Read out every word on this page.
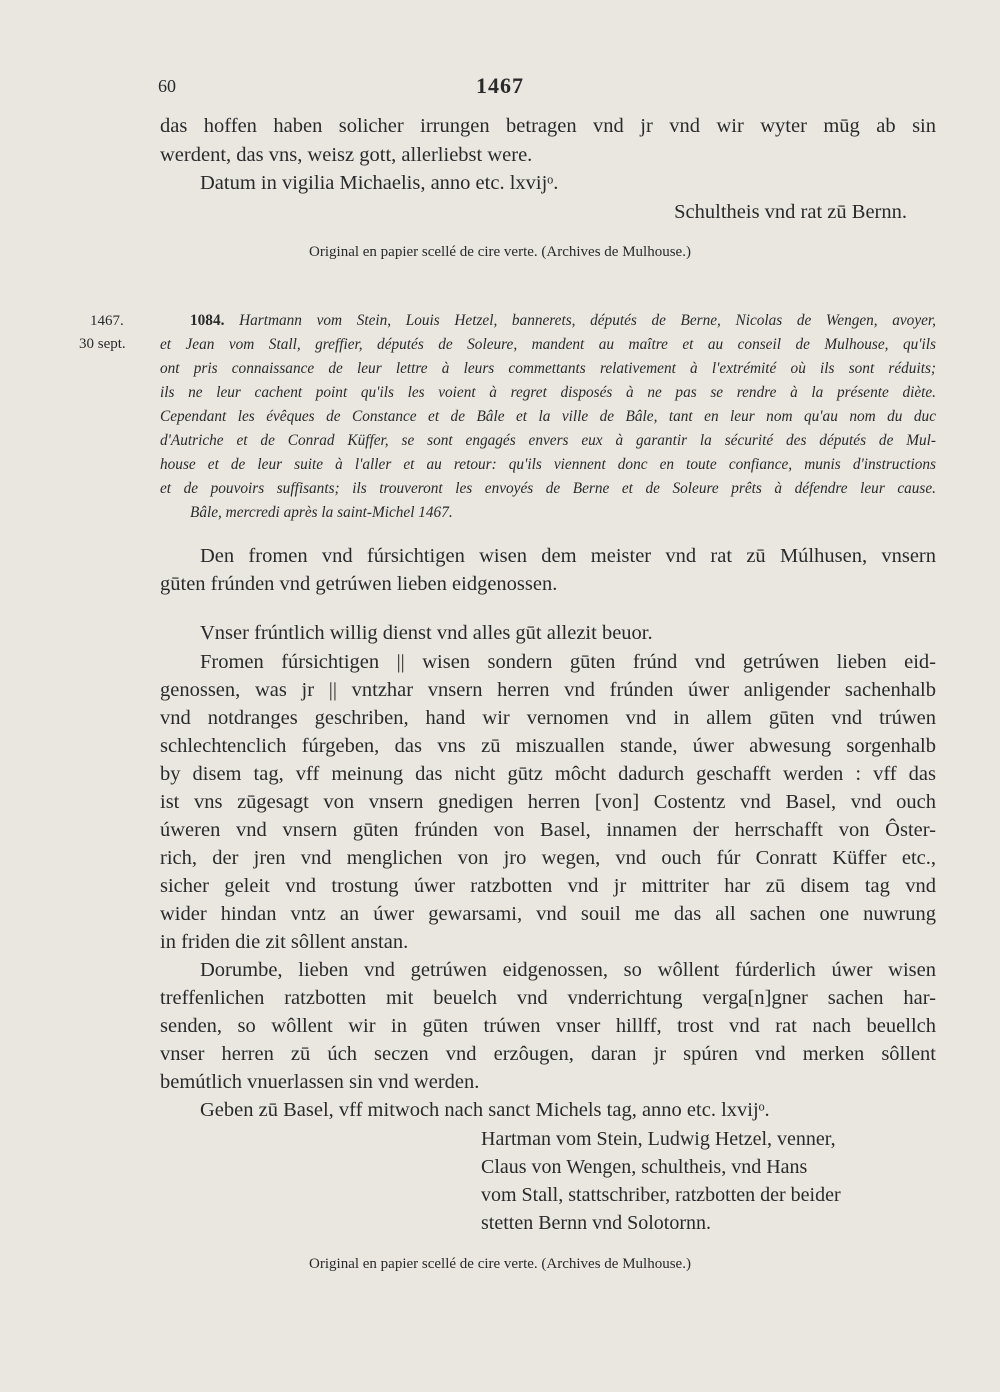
60	1467
das hoffen haben solicher irrungen betragen vnd jr vnd wir wyter mūg ab sin
werdent, das vns, weisz gott, allerliebst were.
Datum in vigilia Michaelis, anno etc. lxvijᵒ.
Schultheis vnd rat zū Bernn.
Original en papier scellé de cire verte. (Archives de Mulhouse.)
1467.
30 sept.
1084. Hartmann vom Stein, Louis Hetzel, bannerets, députés de Berne, Nicolas de Wengen, avoyer,
et Jean vom Stall, greffier, députés de Soleure, mandent au maître et au conseil de Mulhouse, qu'ils
ont pris connaissance de leur lettre à leurs commettants relativement à l'extrémité où ils sont réduits;
ils ne leur cachent point qu'ils les voient à regret disposés à ne pas se rendre à la présente diète.
Cependant les évêques de Constance et de Bâle et la ville de Bâle, tant en leur nom qu'au nom du duc
d'Autriche et de Conrad Küffer, se sont engagés envers eux à garantir la sécurité des députés de Mul-
house et de leur suite à l'aller et au retour: qu'ils viennent donc en toute confiance, munis d'instructions
et de pouvoirs suffisants; ils trouveront les envoyés de Berne et de Soleure prêts à défendre leur cause.
Bâle, mercredi après la saint-Michel 1467.
Den fromen vnd fúrsichtigen wisen dem meister vnd rat zū Múlhusen, vnsern
gūten frúnden vnd getrúwen lieben eidgenossen.
Vnser frúntlich willig dienst vnd alles gūt allezit beuor.
Fromen fúrsichtigen || wisen sondern gūten frúnd vnd getrúwen lieben eid-
genossen, was jr || vntzhar vnsern herren vnd frúnden úwer anligender sachenhalb
vnd notdranges geschriben, hand wir vernomen vnd in allem gūten vnd trúwen
schlechtenclich fúrgeben, das vns zū miszuallen stande, úwer abwesung sorgenhalb
by disem tag, vff meinung das nicht gūtz môcht dadurch geschafft werden : vff das
ist vns zūgesagt von vnsern gnedigen herren [von] Costentz vnd Basel, vnd ouch
úweren vnd vnsern gūten frúnden von Basel, innamen der herrschafft von Ôster-
rich, der jren vnd menglichen von jro wegen, vnd ouch fúr Conratt Küffer etc.,
sicher geleit vnd trostung úwer ratzbotten vnd jr mittriter har zū disem tag vnd
wider hindan vntz an úwer gewarsami, vnd souil me das all sachen one nuwrung
in friden die zit sôllent anstan.
Dorumbe, lieben vnd getrúwen eidgenossen, so wôllent fúrderlich úwer wisen
treffenlichen ratzbotten mit beuelch vnd vnderrichtung verga[n]gner sachen har-
senden, so wôllent wir in gūten trúwen vnser hillff, trost vnd rat nach beuellch
vnser herren zū úch seczen vnd erzôugen, daran jr spúren vnd merken sôllent
bemútlich vnuerlassen sin vnd werden.
Geben zū Basel, vff mitwoch nach sanct Michels tag, anno etc. lxvijᵒ.
Hartman vom Stein, Ludwig Hetzel, venner,
Claus von Wengen, schultheis, vnd Hans
vom Stall, stattschriber, ratzbotten der beider
stetten Bernn vnd Solotornn.
Original en papier scellé de cire verte. (Archives de Mulhouse.)
